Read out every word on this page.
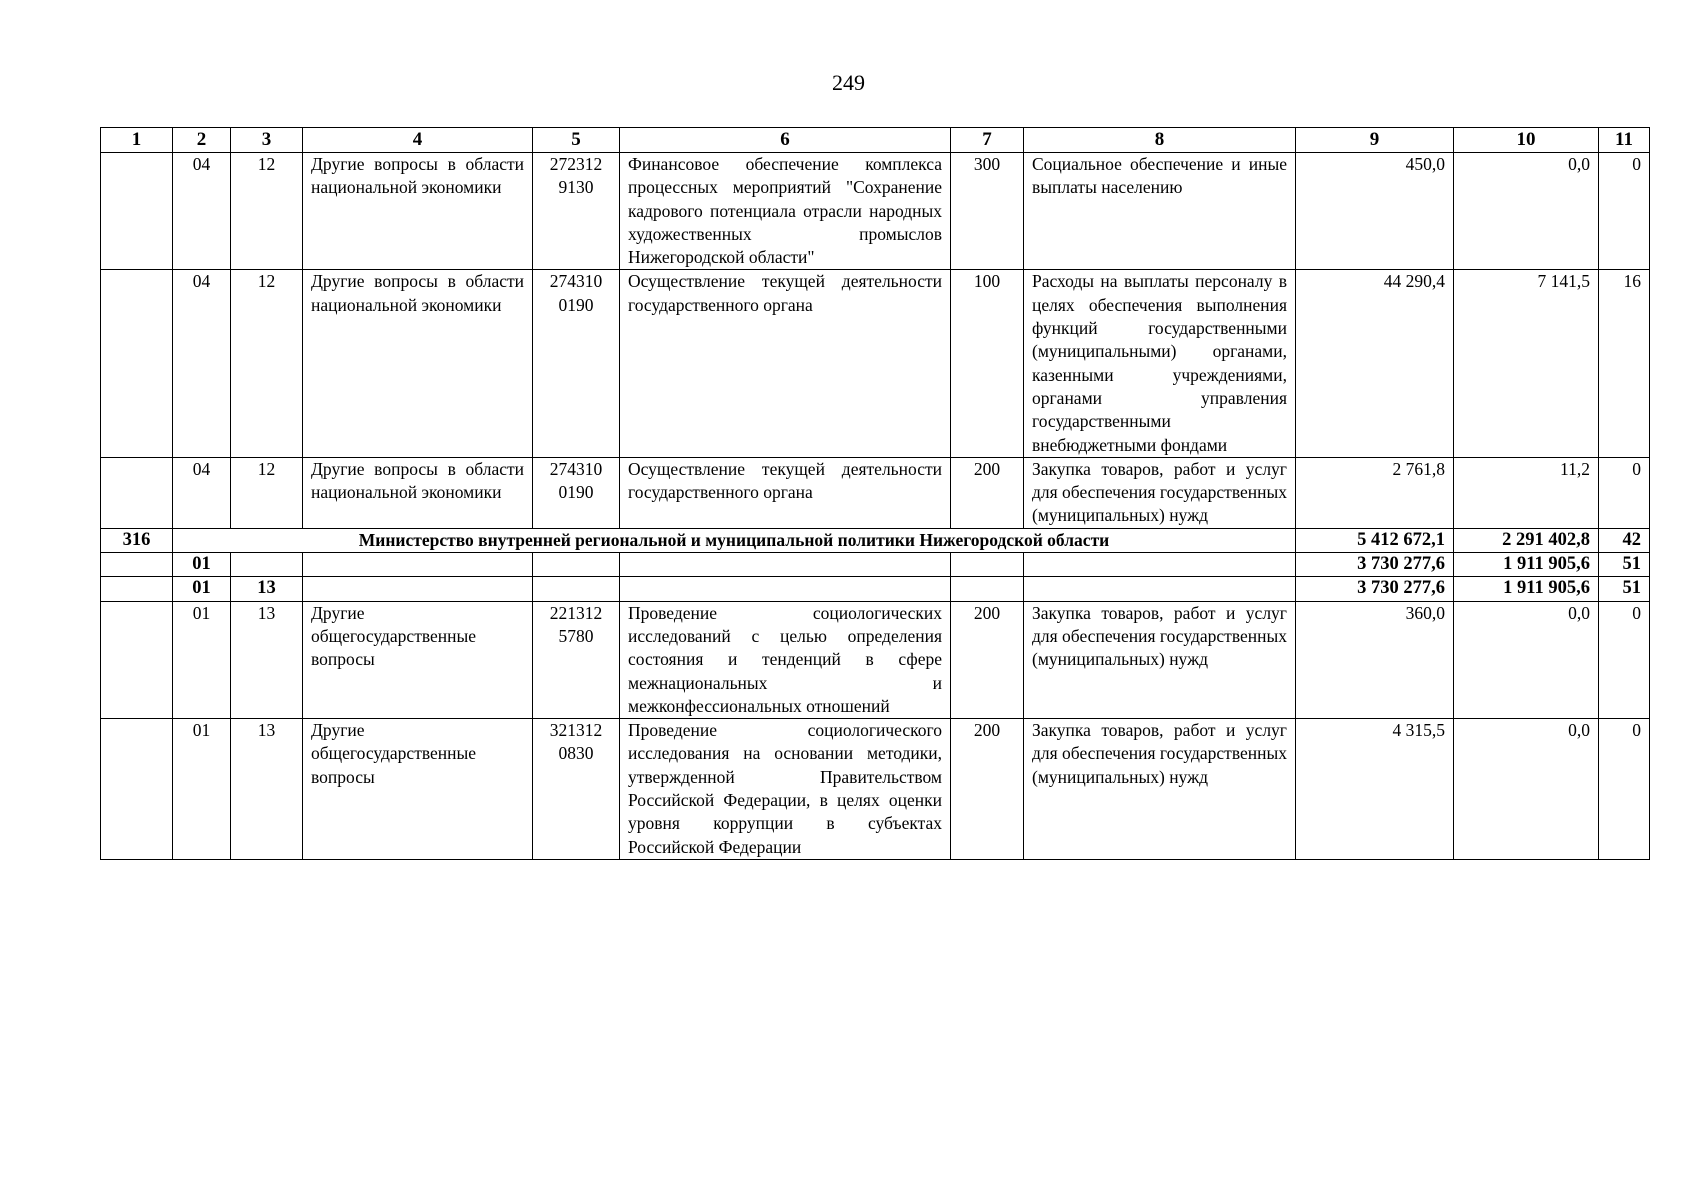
249
1	2	3	4	5	6	7	8	9	10	11
	04	12	Другие вопросы в области национальной экономики	272312 9130	Финансовое обеспечение комплекса процессных мероприятий "Сохранение кадрового потенциала отрасли народных художественных промыслов Нижегородской области"	300	Социальное обеспечение и иные выплаты населению	450,0	0,0	0
	04	12	Другие вопросы в области национальной экономики	274310 0190	Осуществление текущей деятельности государственного органа	100	Расходы на выплаты персоналу в целях обеспечения выполнения функций государственными (муниципальными) органами, казенными учреждениями, органами управления государственными внебюджетными фондами	44 290,4	7 141,5	16
	04	12	Другие вопросы в области национальной экономики	274310 0190	Осуществление текущей деятельности государственного органа	200	Закупка товаров, работ и услуг для обеспечения государственных (муниципальных) нужд	2 761,8	11,2	0
316	Министерство внутренней региональной и муниципальной политики Нижегородской области							5 412 672,1	2 291 402,8	42
	01							3 730 277,6	1 911 905,6	51
	01	13						3 730 277,6	1 911 905,6	51
	01	13	Другие общегосударственные вопросы	221312 5780	Проведение социологических исследований с целью определения состояния и тенденций в сфере межнациональных и межконфессиональных отношений	200	Закупка товаров, работ и услуг для обеспечения государственных (муниципальных) нужд	360,0	0,0	0
	01	13	Другие общегосударственные вопросы	321312 0830	Проведение социологического исследования на основании методики, утвержденной Правительством Российской Федерации, в целях оценки уровня коррупции в субъектах Российской Федерации	200	Закупка товаров, работ и услуг для обеспечения государственных (муниципальных) нужд	4 315,5	0,0	0
